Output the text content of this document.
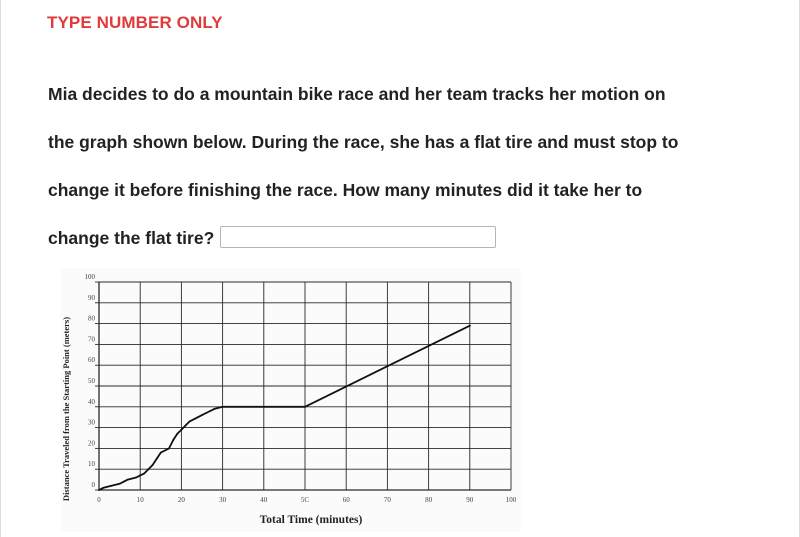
TYPE NUMBER ONLY
Mia decides to do a mountain bike race and her team tracks her motion on
the graph shown below. During the race, she has a flat tire and must stop to
change it before finishing the race. How many minutes did it take her to
change the flat tire?
0	10	20	30	40	5C	60	70	80	90	100
0
10
20
30
40
50
60
70
80
90
100
Total Time (minutes)
Distance Traveled from the Starting Point (meters)
